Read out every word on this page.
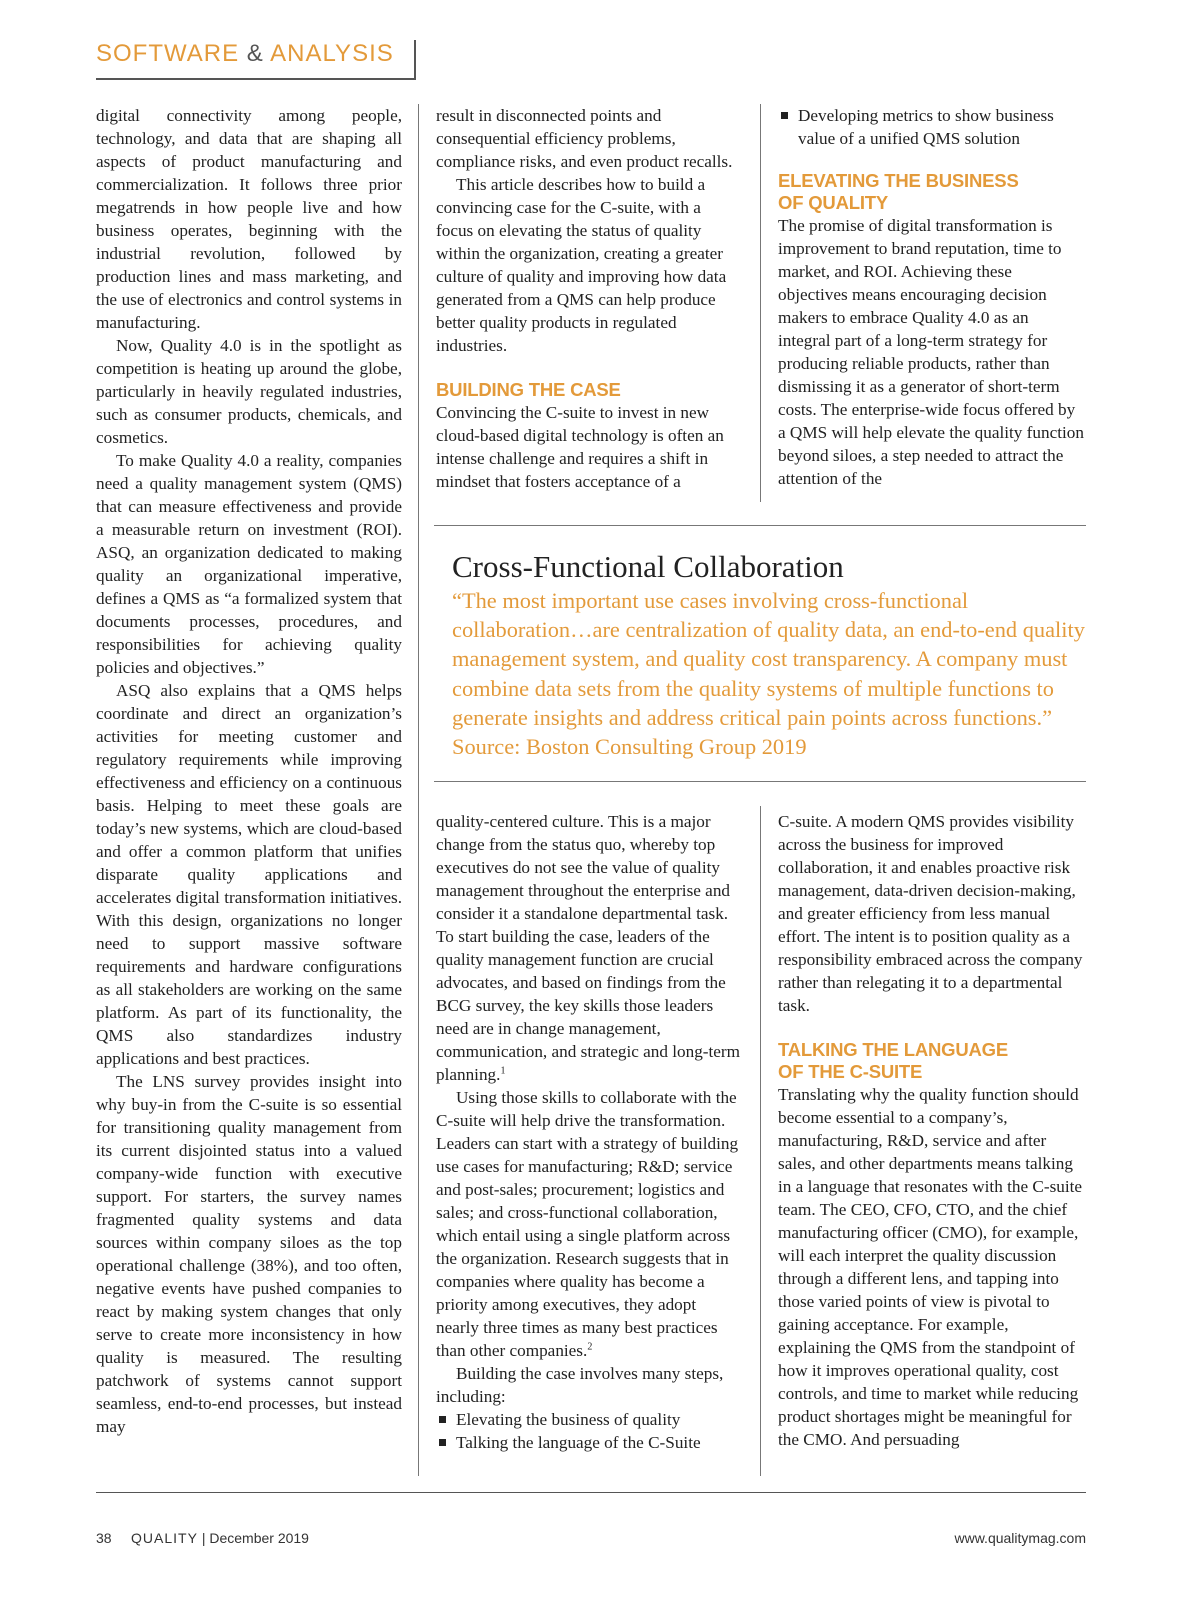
SOFTWARE & ANALYSIS

digital connectivity among people, technology, and data that are shaping all aspects of product manufacturing and commercialization. It follows three prior megatrends in how people live and how business operates, beginning with the industrial revolution, followed by production lines and mass marketing, and the use of electronics and control systems in manufacturing.

Now, Quality 4.0 is in the spotlight as competition is heating up around the globe, particularly in heavily regulated industries, such as consumer products, chemicals, and cosmetics.

To make Quality 4.0 a reality, companies need a quality management system (QMS) that can measure effectiveness and provide a measurable return on investment (ROI). ASQ, an organization dedicated to making quality an organizational imperative, defines a QMS as “a formalized system that documents processes, procedures, and responsibilities for achieving quality policies and objectives.”

ASQ also explains that a QMS helps coordinate and direct an organization’s activities for meeting customer and regulatory requirements while improving effectiveness and efficiency on a continuous basis. Helping to meet these goals are today’s new systems, which are cloud-based and offer a common platform that unifies disparate quality applications and accelerates digital transformation initiatives. With this design, organizations no longer need to support massive software requirements and hardware configurations as all stakeholders are working on the same platform. As part of its functionality, the QMS also standardizes industry applications and best practices.

The LNS survey provides insight into why buy-in from the C-suite is so essential for transitioning quality management from its current disjointed status into a valued company-wide function with executive support. For starters, the survey names fragmented quality systems and data sources within company siloes as the top operational challenge (38%), and too often, negative events have pushed companies to react by making system changes that only serve to create more inconsistency in how quality is measured. The resulting patchwork of systems cannot support seamless, end-to-end processes, but instead may

result in disconnected points and consequential efficiency problems, compliance risks, and even product recalls.

This article describes how to build a convincing case for the C-suite, with a focus on elevating the status of quality within the organization, creating a greater culture of quality and improving how data generated from a QMS can help produce better quality products in regulated industries.

BUILDING THE CASE

Convincing the C-suite to invest in new cloud-based digital technology is often an intense challenge and requires a shift in mindset that fosters acceptance of a

Developing metrics to show business value of a unified QMS solution

ELEVATING THE BUSINESS
OF QUALITY

The promise of digital transformation is improvement to brand reputation, time to market, and ROI. Achieving these objectives means encouraging decision makers to embrace Quality 4.0 as an integral part of a long-term strategy for producing reliable products, rather than dismissing it as a generator of short-term costs. The enterprise-wide focus offered by a QMS will help elevate the quality function beyond siloes, a step needed to attract the attention of the

Cross-Functional Collaboration
“The most important use cases involving cross-functional collaboration…are centralization of quality data, an end-to-end quality management system, and quality cost transparency. A company must combine data sets from the quality systems of multiple functions to generate insights and address critical pain points across functions.” Source: Boston Consulting Group 2019

quality-centered culture. This is a major change from the status quo, whereby top executives do not see the value of quality management throughout the enterprise and consider it a standalone departmental task. To start building the case, leaders of the quality management function are crucial advocates, and based on findings from the BCG survey, the key skills those leaders need are in change management, communication, and strategic and long-term planning.$^1$

Using those skills to collaborate with the C-suite will help drive the transformation. Leaders can start with a strategy of building use cases for manufacturing; R&D; service and post-sales; procurement; logistics and sales; and cross-functional collaboration, which entail using a single platform across the organization. Research suggests that in companies where quality has become a priority among executives, they adopt nearly three times as many best practices than other companies.$^2$

Building the case involves many steps, including:

Elevating the business of quality

Talking the language of the C-Suite

C-suite. A modern QMS provides visibility across the business for improved collaboration, it and enables proactive risk management, data-driven decision-making, and greater efficiency from less manual effort. The intent is to position quality as a responsibility embraced across the company rather than relegating it to a departmental task.

TALKING THE LANGUAGE
OF THE C-SUITE

Translating why the quality function should become essential to a company’s, manufacturing, R&D, service and after sales, and other departments means talking in a language that resonates with the C-suite team. The CEO, CFO, CTO, and the chief manufacturing officer (CMO), for example, will each interpret the quality discussion through a different lens, and tapping into those varied points of view is pivotal to gaining acceptance. For example, explaining the QMS from the standpoint of how it improves operational quality, cost controls, and time to market while reducing product shortages might be meaningful for the CMO. And persuading

38 QUALITY | December 2019	www.qualitymag.com
